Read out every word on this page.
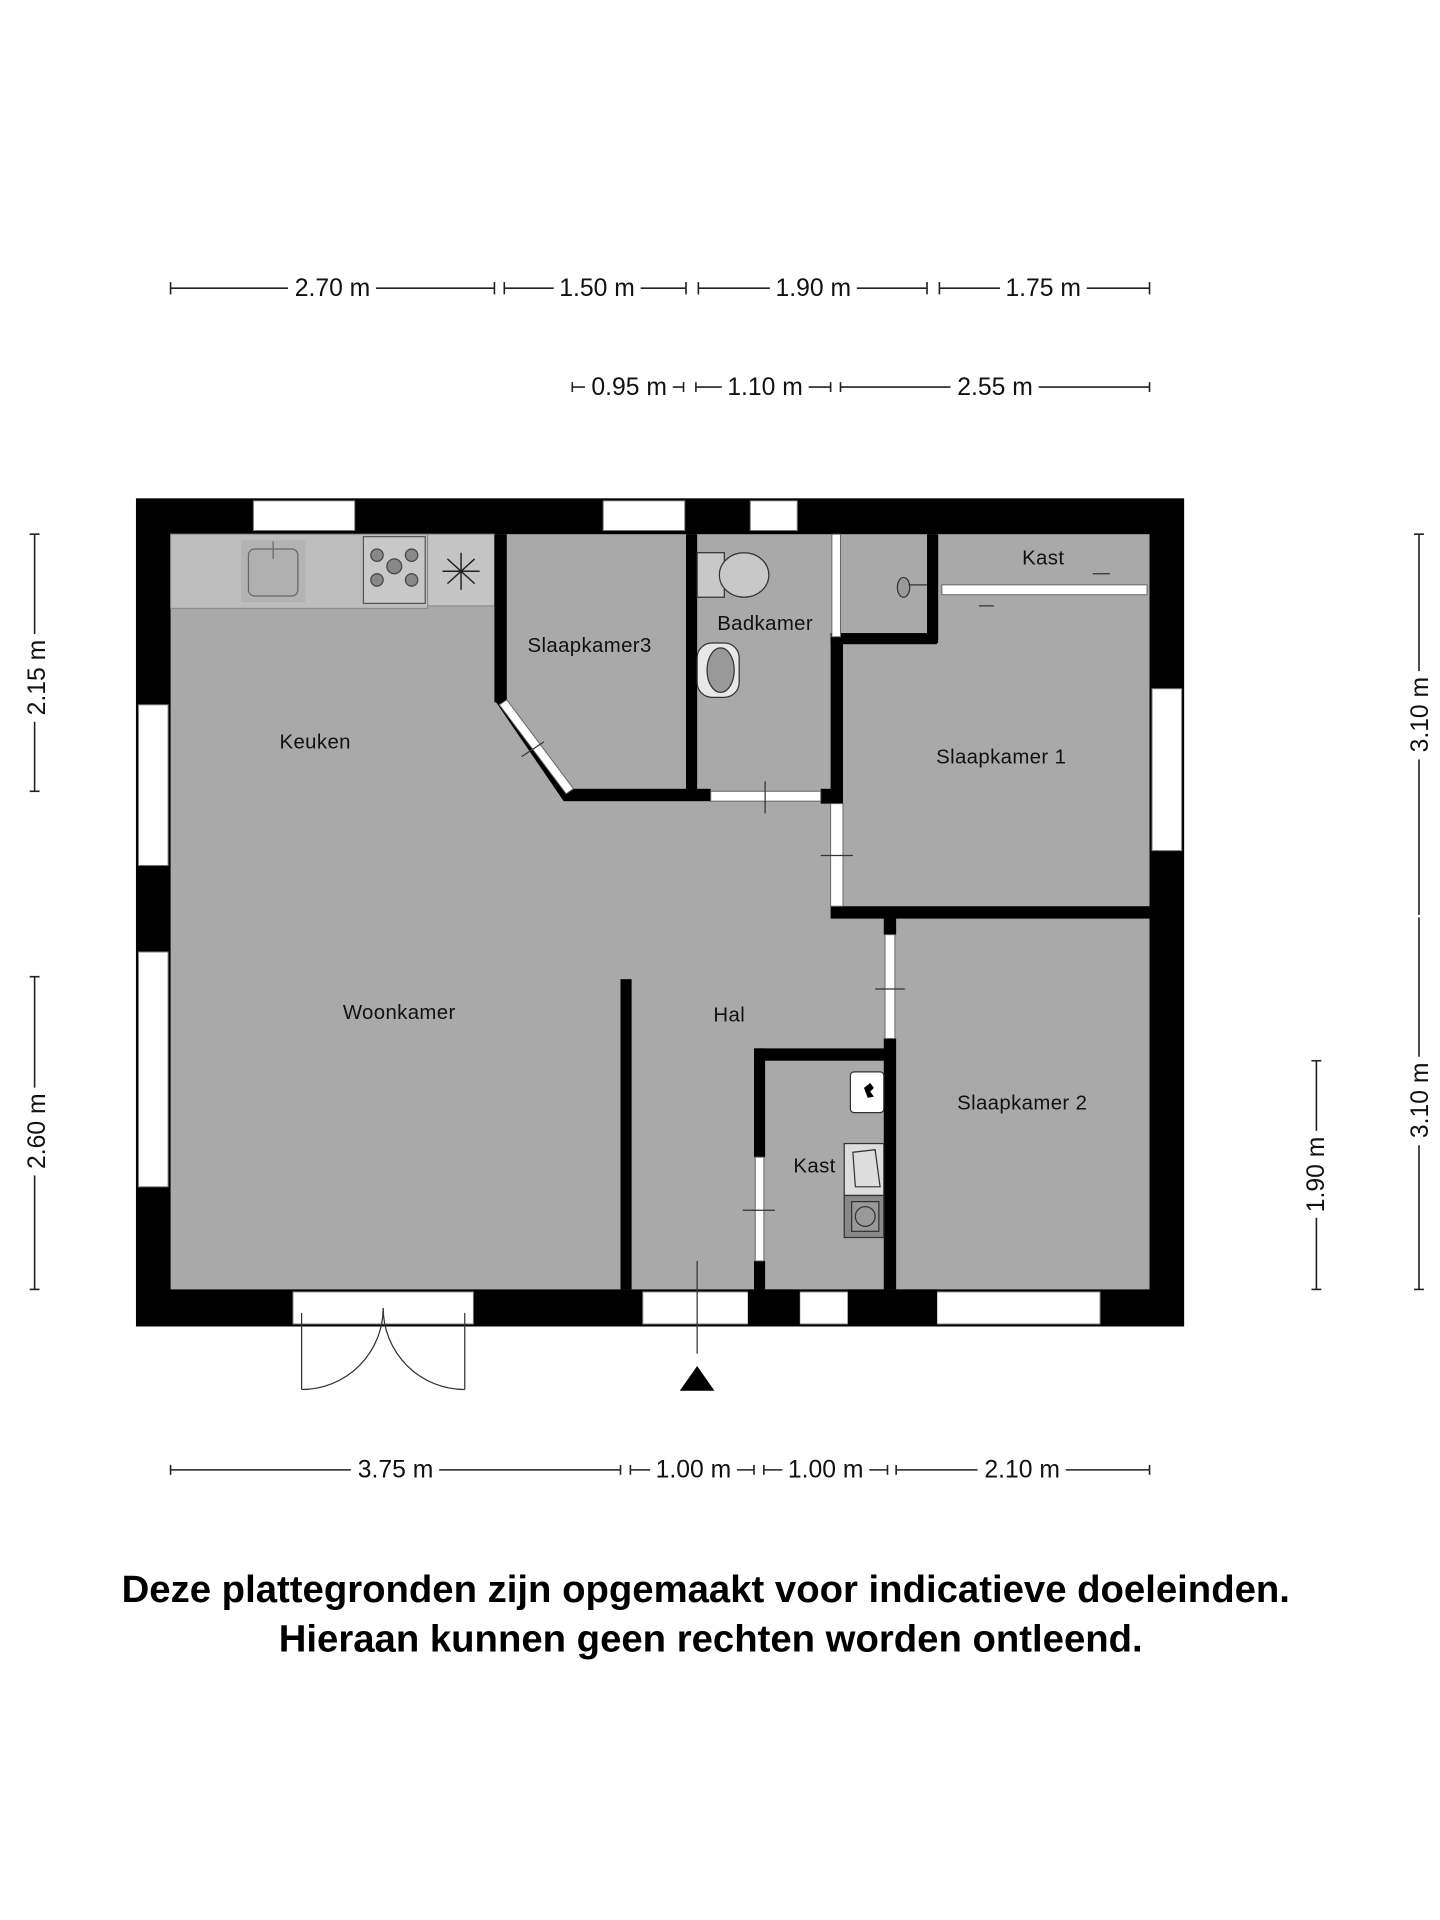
2.70 m	1.50 m	1.90 m	1.75 m
0.95 m	1.10 m	2.55 m
2.15 m
2.60 m
3.10 m
3.10 m
1.90 m
Keuken
Slaapkamer3
Badkamer
Kast
Slaapkamer 1
Woonkamer	Hal
Slaapkamer 2
Kast
3.75 m	1.00 m	1.00 m	2.10 m
Deze plattegronden zijn opgemaakt voor indicatieve doeleinden.
Hieraan kunnen geen rechten worden ontleend.
